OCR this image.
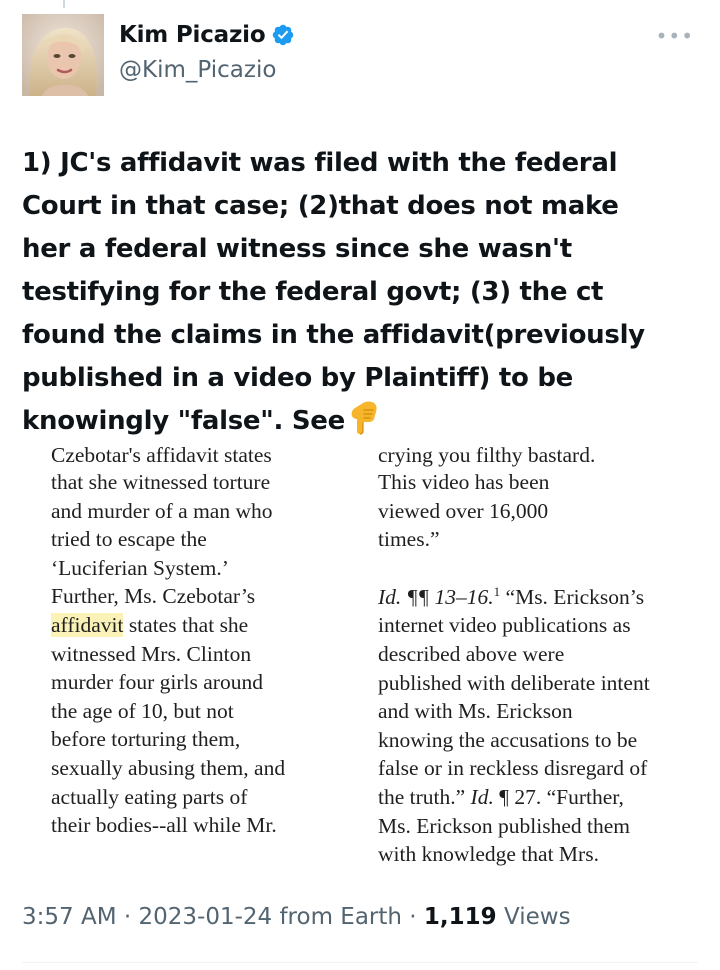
Kim Picazio
@Kim_Picazio
•••
1) JC's affidavit was filed with the federal
Court in that case; (2)that does not make
her a federal witness since she wasn't
testifying for the federal govt; (3) the ct
found the claims in the affidavit(previously
published in a video by Plaintiff) to be
knowingly "false". See
Czebotar's affidavit states
that she witnessed torture
and murder of a man who
tried to escape the
‘Luciferian System.’
Further, Ms. Czebotar’s
affidavit states that she
witnessed Mrs. Clinton
murder four girls around
the age of 10, but not
before torturing them,
sexually abusing them, and
actually eating parts of
their bodies--all while Mr.
crying you filthy bastard.
This video has been
viewed over 16,000
times.”
Id. ¶¶ 13–16.$^1$ “Ms. Erickson’s
internet video publications as
described above were
published with deliberate intent
and with Ms. Erickson
knowing the accusations to be
false or in reckless disregard of
the truth.” Id. ¶ 27. “Further,
Ms. Erickson published them
with knowledge that Mrs.
3:57 AM · 2023-01-24 from Earth · 1,119 Views
